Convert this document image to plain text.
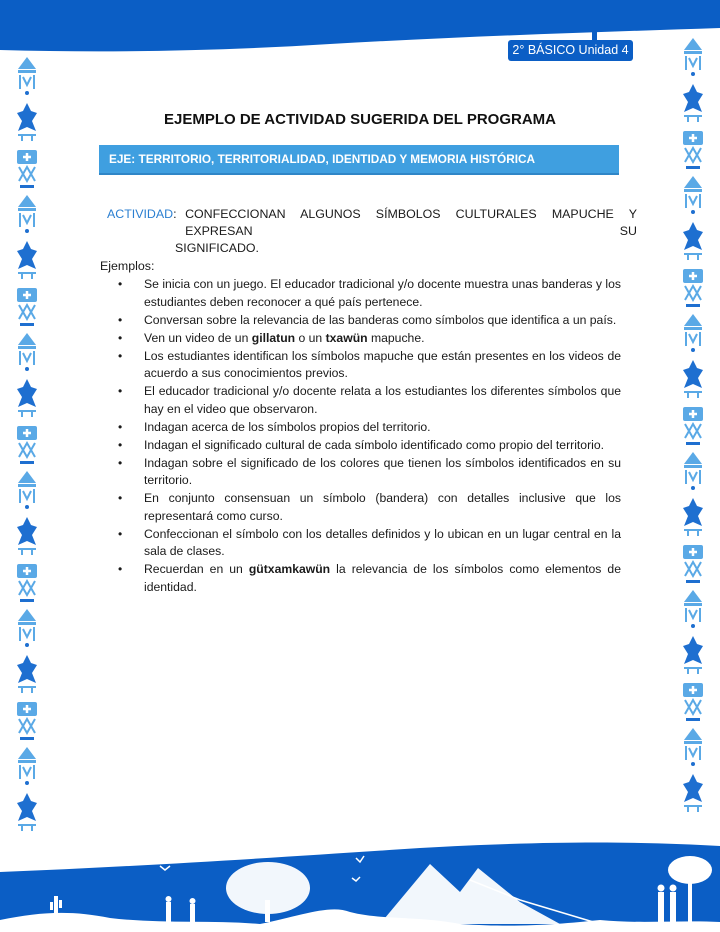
2° BÁSICO Unidad 4
EJEMPLO DE ACTIVIDAD SUGERIDA DEL PROGRAMA
EJE: TERRITORIO, TERRITORIALIDAD, IDENTIDAD Y MEMORIA HISTÓRICA
ACTIVIDAD : CONFECCIONAN ALGUNOS SÍMBOLOS CULTURALES MAPUCHE Y EXPRESAN SU
SIGNIFICADO.
Ejemplos:
• Se inicia con un juego. El educador tradicional y/o docente muestra unas banderas y los estudiantes deben reconocer a qué país pertenece.
• Conversan sobre la relevancia de las banderas como símbolos que identifica a un país.
• Ven un video de un gillatun o un txawün mapuche.
• Los estudiantes identifican los símbolos mapuche que están presentes en los videos de acuerdo a sus conocimientos previos.
• El educador tradicional y/o docente relata a los estudiantes los diferentes símbolos que hay en el video que observaron.
• Indagan acerca de los símbolos propios del territorio.
• Indagan el significado cultural de cada símbolo identificado como propio del territorio.
• Indagan sobre el significado de los colores que tienen los símbolos identificados en su territorio.
• En conjunto consensuan un símbolo (bandera) con detalles inclusive que los representará como curso.
• Confeccionan el símbolo con los detalles definidos y lo ubican en un lugar central en la sala de clases.
• Recuerdan en un gütxamkawün la relevancia de los símbolos como elementos de identidad.
